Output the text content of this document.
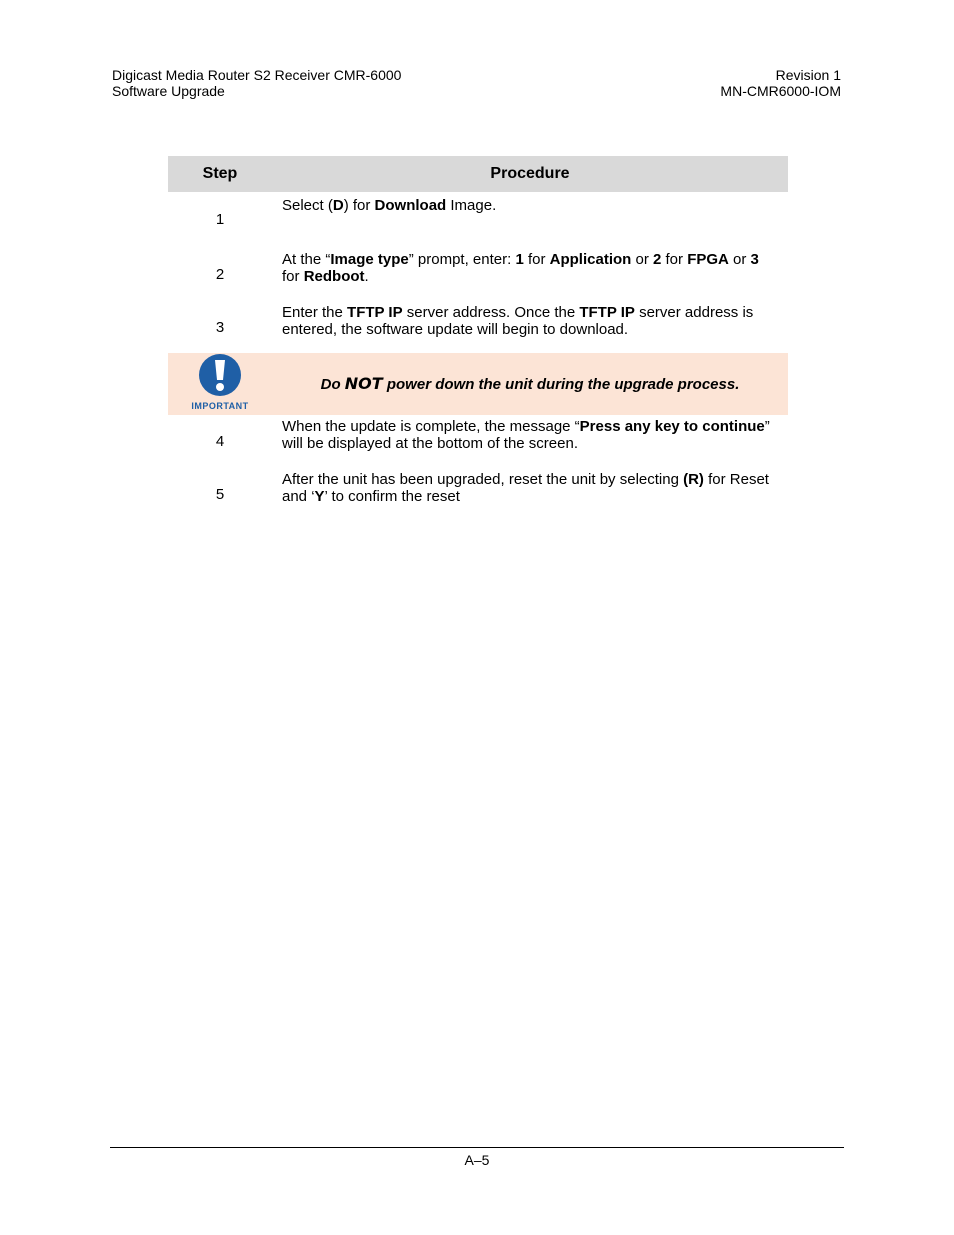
Digicast Media Router S2 Receiver CMR-6000
Software Upgrade
Revision 1
MN-CMR6000-IOM
Step	Procedure
1	Select (D) for Download Image.
2	At the “Image type” prompt, enter: 1 for Application or 2 for FPGA or 3 for Redboot.
3	Enter the TFTP IP server address. Once the TFTP IP server address is entered, the software update will begin to download.

IMPORTANT	Do NOT power down the unit during the upgrade process.
4	When the update is complete, the message “Press any key to continue” will be displayed at the bottom of the screen.
5	After the unit has been upgraded, reset the unit by selecting (R) for Reset and ‘Y’ to confirm the reset
A–5
